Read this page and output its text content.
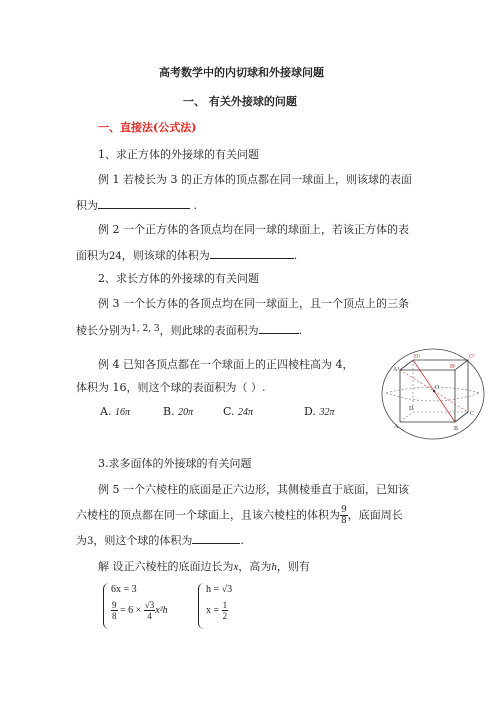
高考数学中的内切球和外接球问题
一、 有关外接球的问题
一、直接法(公式法)
1、求正方体的外接球的有关问题
例 1 若棱长为 3 的正方体的顶点都在同一球面上，则该球的表面
积为	.
例 2 一个正方体的各顶点均在同一球的球面上，若该正方体的表
面积为24，则该球的体积为	.
2、求长方体的外接球的有关问题
例 3 一个长方体的各顶点均在同一球面上，且一个顶点上的三条
棱长分别为$^{1, 2, 3}$，则此球的表面积为	.
例 4 已知各顶点都在一个球面上的正四棱柱高为 4，
体积为 16，则这个球的表面积为（ ）.
A. 16π	B. 20π	C. 24π	D. 32π
D¹	C¹
A¹	B¹
O
D
C
A	B
3.求多面体的外接球的有关问题
例 5 一个六棱柱的底面是正六边形，其侧棱垂直于底面，已知该
六棱柱的顶点都在同一个球面上，且该六棱柱的体积为 $\frac{9}{8}$ ，底面周长
为3，则这个球的体积为	.
解 设正六棱柱的底面边长为x，高为h，则有
6x = 3
$\frac{9}{8} = 6 \times \frac{√3}{4} x^2h$
h = √3
$x = \frac{1}{2}$
